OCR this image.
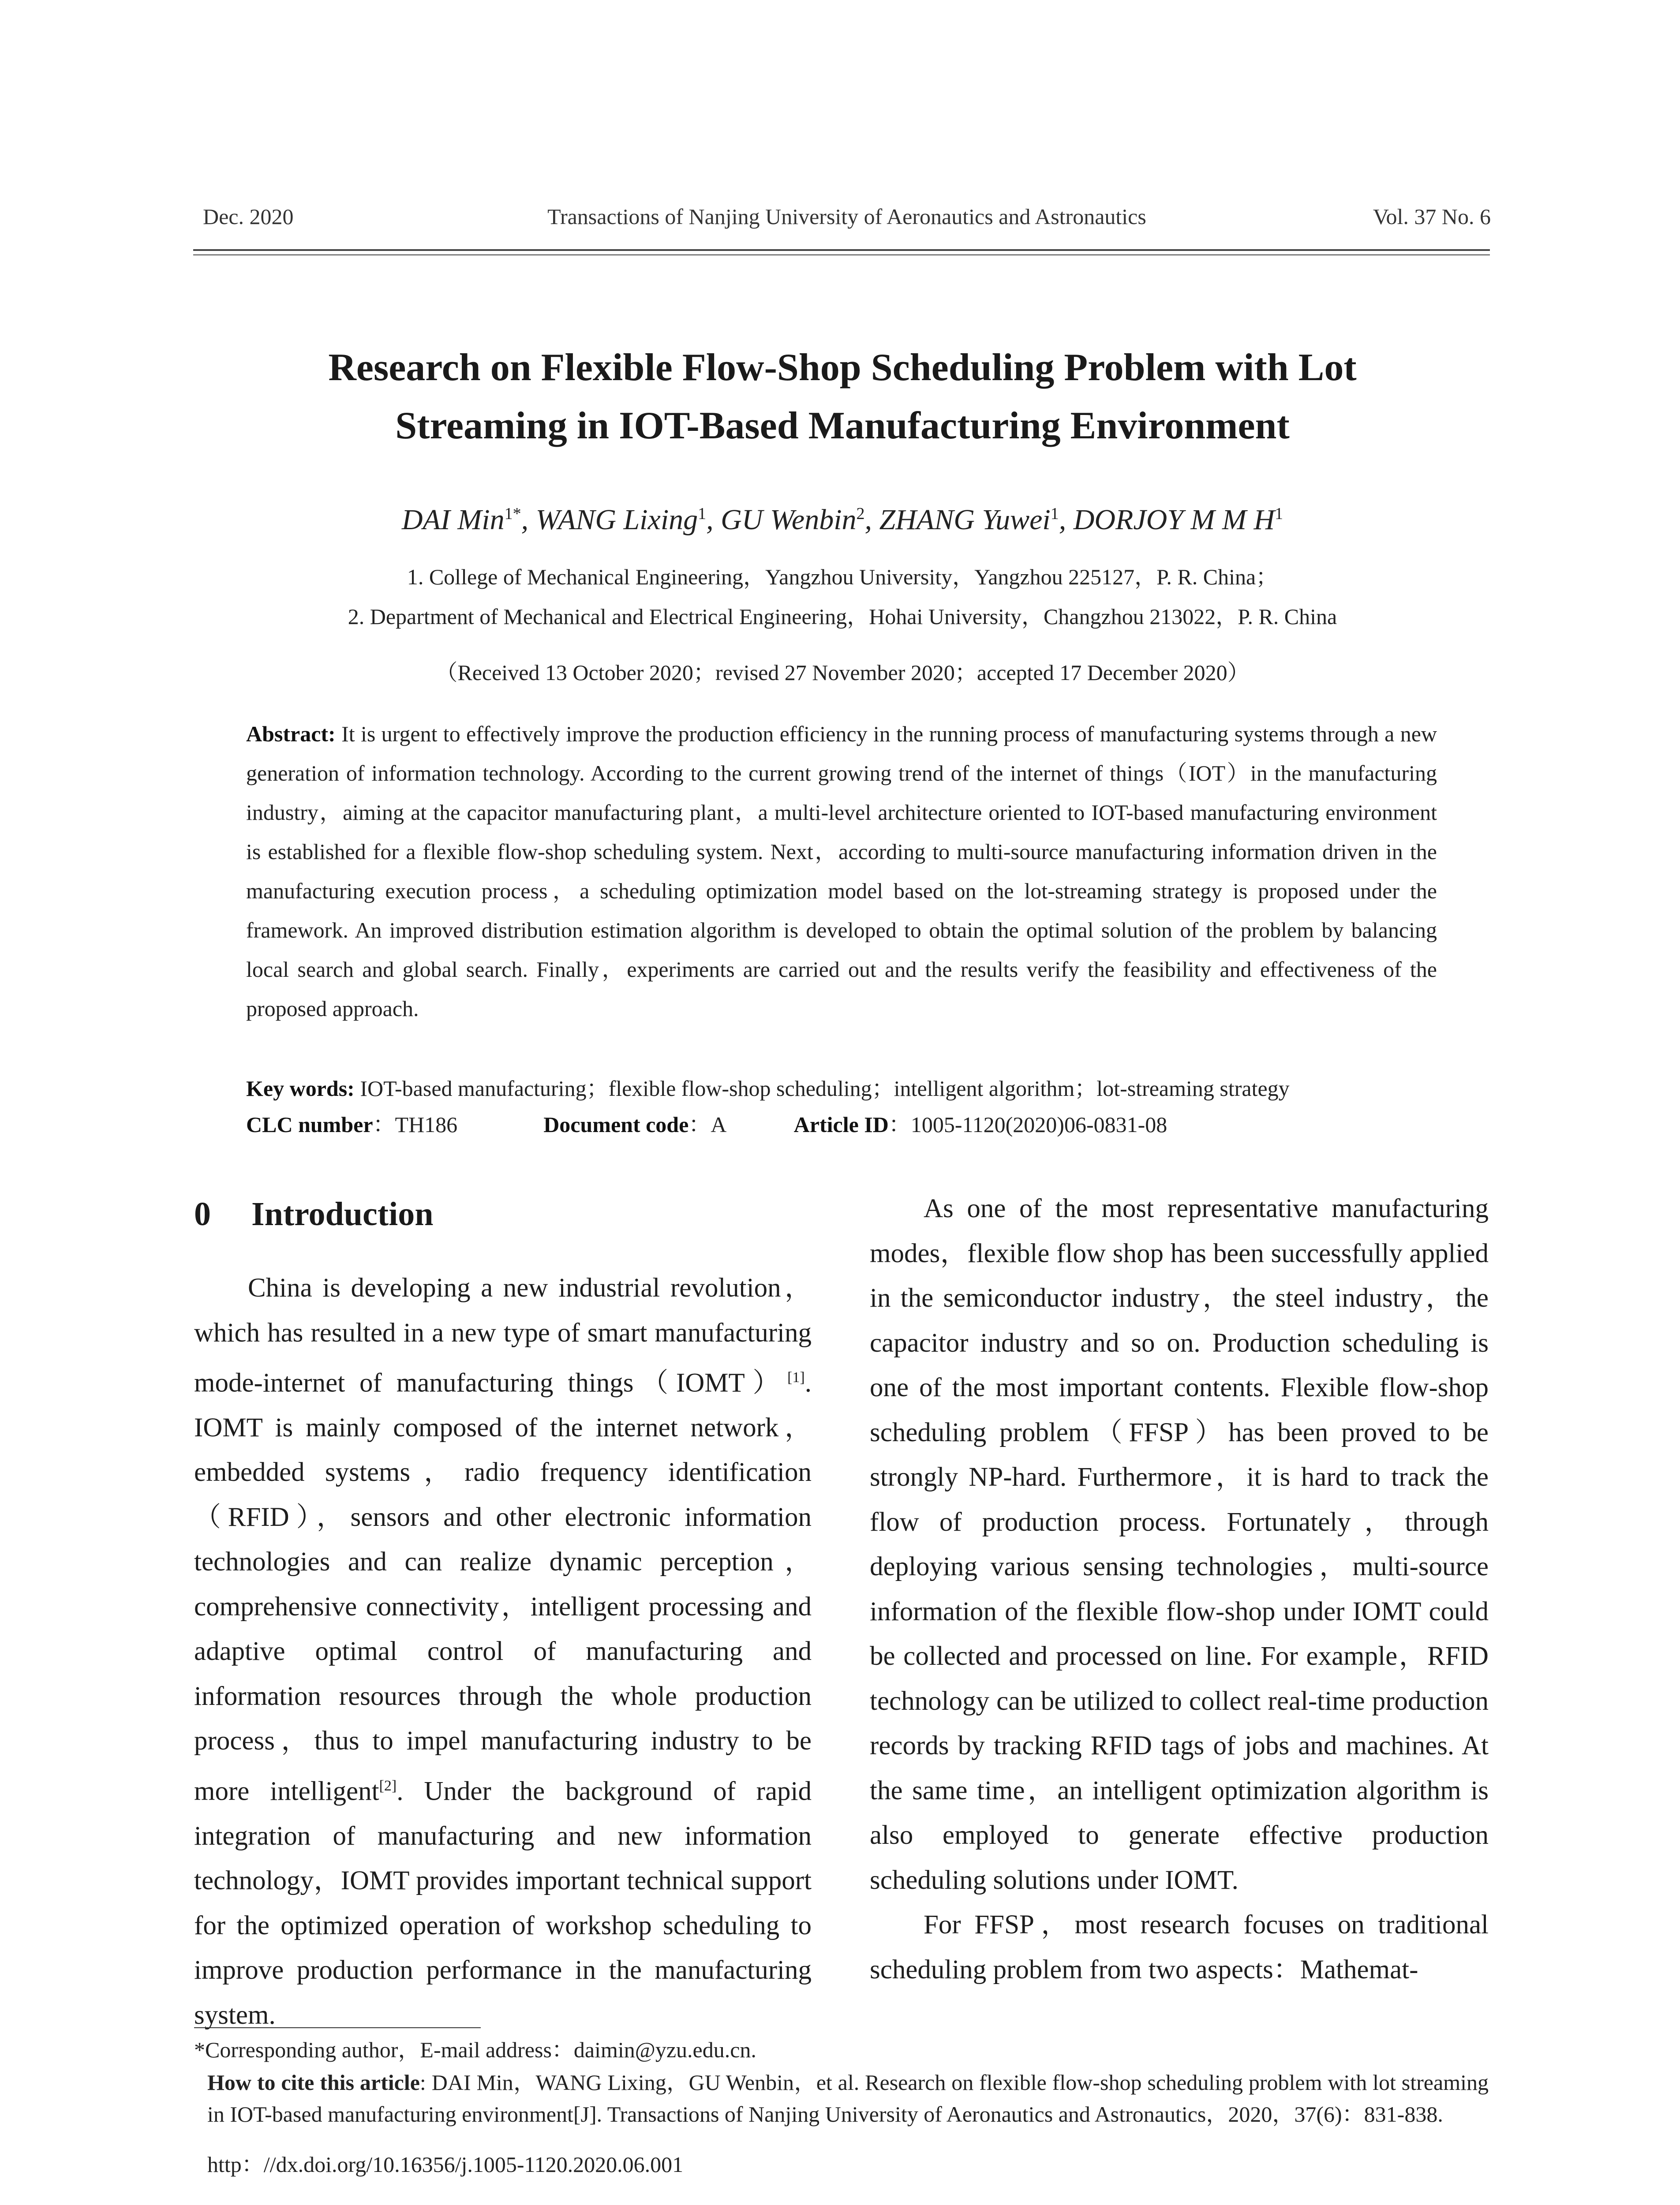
Dec. 2020	Transactions of Nanjing University of Aeronautics and Astronautics	Vol. 37 No. 6
Research on Flexible Flow-Shop Scheduling Problem with Lot
Streaming in IOT-Based Manufacturing Environment
DAI Min$^{1*}$, WANG Lixing$^1$, GU Wenbin$^2$, ZHANG Yuwei$^1$, DORJOY M M $H^1$
1. College of Mechanical Engineering，Yangzhou University，Yangzhou 225127，P. R. China；
2. Department of Mechanical and Electrical Engineering，Hohai University，Changzhou 213022，P. R. China
（Received 13 October 2020；revised 27 November 2020；accepted 17 December 2020）
Abstract: It is urgent to effectively improve the production efficiency in the running process of manufacturing systems through a new generation of information technology. According to the current growing trend of the internet of things（IOT）in the manufacturing industry，aiming at the capacitor manufacturing plant，a multi-level architecture oriented to IOT-based manufacturing environment is established for a flexible flow-shop scheduling system. Next，according to multi-source manufacturing information driven in the manufacturing execution process，a scheduling optimization model based on the lot-streaming strategy is proposed under the framework. An improved distribution estimation algorithm is developed to obtain the optimal solution of the problem by balancing local search and global search. Finally，experiments are carried out and the results verify the feasibility and effectiveness of the proposed approach.
Key words: IOT-based manufacturing；flexible flow-shop scheduling；intelligent algorithm；lot-streaming strategy
CLC number：TH186	Document code：A	Article ID：1005-1120(2020)06-0831-08
0 Introduction

China is developing a new industrial revolution，which has resulted in a new type of smart manufacturing mode-internet of manufacturing things（IOMT）[1]. IOMT is mainly composed of the internet network，embedded systems，radio frequency identification（RFID），sensors and other electronic information technologies and can realize dynamic perception，comprehensive connectivity，intelligent processing and adaptive optimal control of manufacturing and information resources through the whole production process，thus to impel manufacturing industry to be more intelligent[2]. Under the background of rapid integration of manufacturing and new information technology，IOMT provides important technical support for the optimized operation of workshop scheduling to improve production performance in the manufacturing system.

As one of the most representative manufacturing modes，flexible flow shop has been successfully applied in the semiconductor industry，the steel industry，the capacitor industry and so on. Production scheduling is one of the most important contents. Flexible flow-shop scheduling problem（FFSP）has been proved to be strongly NP-hard. Furthermore，it is hard to track the flow of production process. Fortunately，through deploying various sensing technologies，multi-source information of the flexible flow-shop under IOMT could be collected and processed on line. For example，RFID technology can be utilized to collect real-time production records by tracking RFID tags of jobs and machines. At the same time，an intelligent optimization algorithm is also employed to generate effective production scheduling solutions under IOMT.

For FFSP，most research focuses on traditional scheduling problem from two aspects：Mathemat-

*Corresponding author，E-mail address：daimin@yzu.edu.cn.
How to cite this article: DAI Min，WANG Lixing，GU Wenbin，et al. Research on flexible flow-shop scheduling problem with lot streaming in IOT-based manufacturing environment[J]. Transactions of Nanjing University of Aeronautics and Astronautics，2020，37(6)：831-838.
http：//dx.doi.org/10.16356/j.1005-1120.2020.06.001
